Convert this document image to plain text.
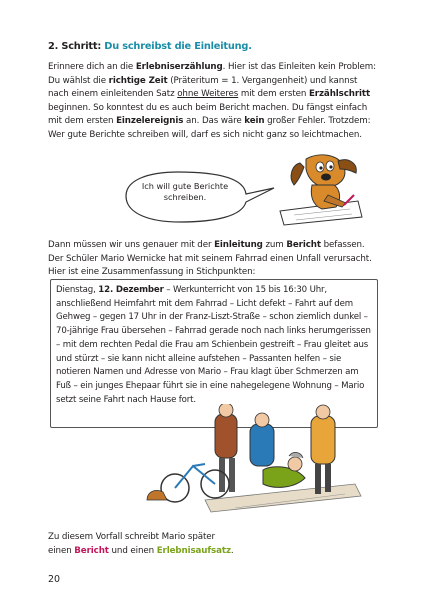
2. Schritt: Du schreibst die Einleitung.
Erinnere dich an die Erlebniserzählung. Hier ist das Einleiten kein Problem: Du wählst die richtige Zeit (Präteritum = 1. Vergangenheit) und kannst nach einem einleitenden Satz ohne Weiteres mit dem ersten Erzählschritt beginnen. So konntest du es auch beim Bericht machen. Du fängst einfach mit dem ersten Einzelereignis an. Das wäre kein großer Fehler. Trotzdem: Wer gute Berichte schreiben will, darf es sich nicht ganz so leichtmachen.
Ich will gute Berichte schreiben.
Dann müssen wir uns genauer mit der Einleitung zum Bericht befassen. Der Schüler Mario Wernicke hat mit seinem Fahrrad einen Unfall verursacht. Hier ist eine Zusammenfassung in Stichpunkten:
Dienstag, 12. Dezember – Werkunterricht von 15 bis 16:30 Uhr, anschließend Heimfahrt mit dem Fahrrad – Licht defekt – Fahrt auf dem Gehweg – gegen 17 Uhr in der Franz-Liszt-Straße – schon ziemlich dunkel – 70-jährige Frau übersehen – Fahrrad gerade noch nach links herumgerissen – mit dem rechten Pedal die Frau am Schienbein gestreift – Frau gleitet aus und stürzt – sie kann nicht alleine aufstehen – Passanten helfen – sie notieren Namen und Adresse von Mario – Frau klagt über Schmerzen am Fuß – ein junges Ehepaar führt sie in eine nahegelegene Wohnung – Mario setzt seine Fahrt nach Hause fort.
Zu diesem Vorfall schreibt Mario später
einen Bericht und einen Erlebnisaufsatz.
20
